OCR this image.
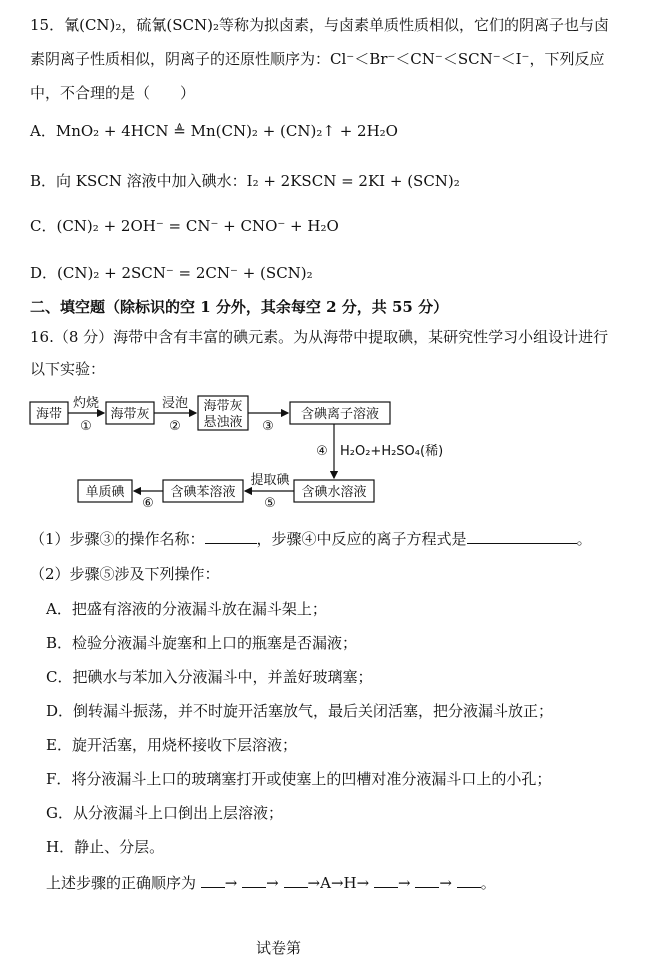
15．氰(CN)₂，硫氰(SCN)₂等称为拟卤素，与卤素单质性质相似，它们的阴离子也与卤
素阴离子性质相似，阴离子的还原性顺序为：Cl⁻＜Br⁻＜CN⁻＜SCN⁻＜I⁻，下列反应
中，不合理的是（　　）
A．MnO₂ + 4HCN ≜ Mn(CN)₂ + (CN)₂↑ + 2H₂O
B．向 KSCN 溶液中加入碘水：I₂ + 2KSCN = 2KI + (SCN)₂
C．(CN)₂ + 2OH⁻ = CN⁻ + CNO⁻ + H₂O
D．(CN)₂ + 2SCN⁻ = 2CN⁻ + (SCN)₂
二、填空题（除标识的空 1 分外，其余每空 2 分，共 55 分）
16.（8 分）海带中含有丰富的碘元素。为从海带中提取碘，某研究性学习小组设计进行
以下实验：
海带	海带灰
海带灰
悬浊液
含碘离子溶液
含碘水溶液
含碘苯溶液
单质碘
灼烧
①
浸泡
②	③
④ H₂O₂+H₂SO₄(稀)
提取碘
⑤
⑥
（1）步骤③的操作名称：	，步骤④中反应的离子方程式是	。
（2）步骤⑤涉及下列操作：
A．把盛有溶液的分液漏斗放在漏斗架上；
B．检验分液漏斗旋塞和上口的瓶塞是否漏液；
C．把碘水与苯加入分液漏斗中，并盖好玻璃塞；
D．倒转漏斗振荡，并不时旋开活塞放气，最后关闭活塞，把分液漏斗放正；
E．旋开活塞，用烧杯接收下层溶液；
F．将分液漏斗上口的玻璃塞打开或使塞上的凹槽对准分液漏斗口上的小孔；
G．从分液漏斗上口倒出上层溶液；
H．静止、分层。
上述步骤的正确顺序为 → → →A→H→ → → 。
试卷第
